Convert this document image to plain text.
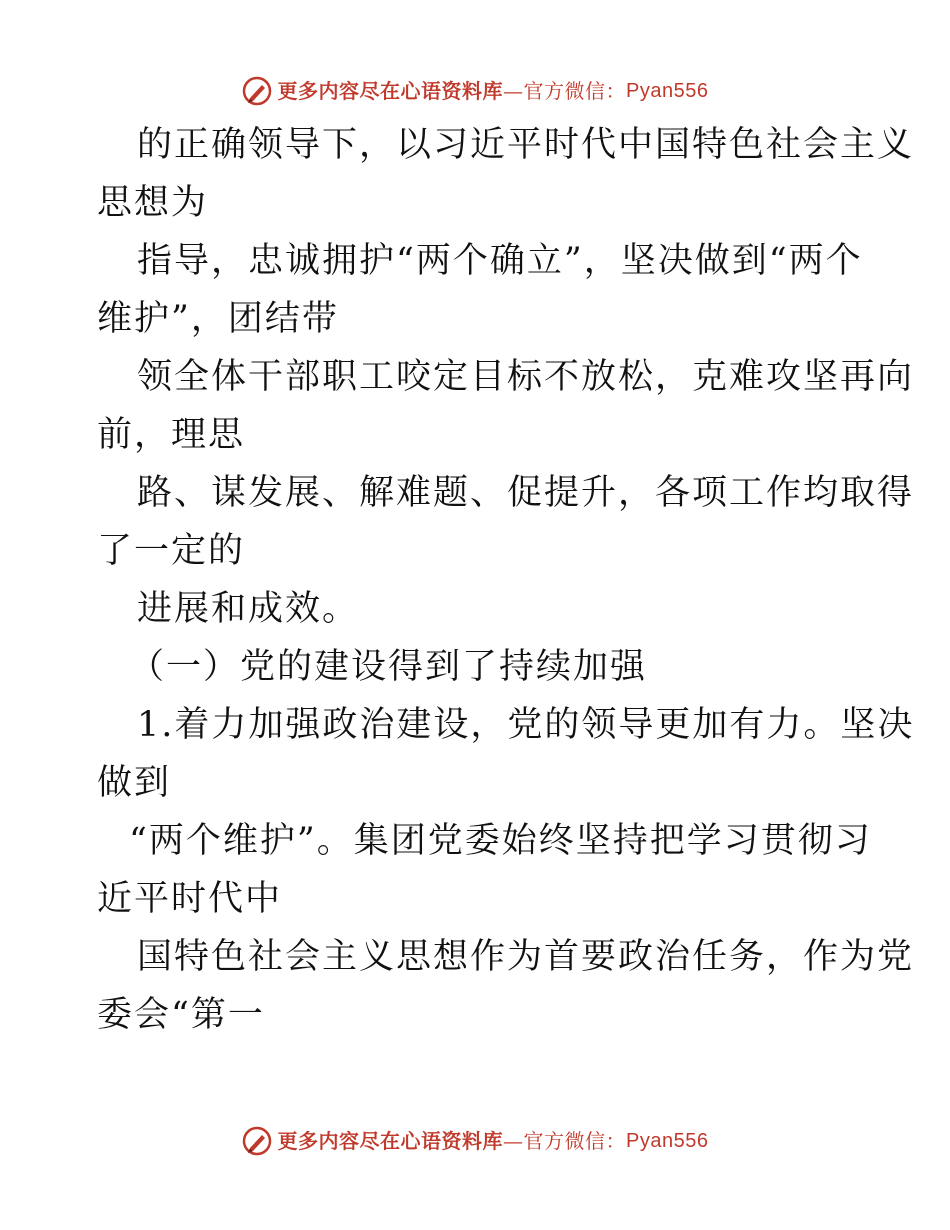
更多内容尽在心语资料库 — 官方微信： Pyan556
的正确领导下，以习近平时代中国特色社会主义
思想为
指导，忠诚拥护“两个确立”，坚决做到“两个
维护”，团结带
领全体干部职工咬定目标不放松，克难攻坚再向
前，理思
路、谋发展、解难题、促提升，各项工作均取得
了一定的
进展和成效。
（一）党的建设得到了持续加强
1.着力加强政治建设，党的领导更加有力。坚决
做到
“两个维护”。集团党委始终坚持把学习贯彻习
近平时代中
国特色社会主义思想作为首要政治任务，作为党
委会“第一
更多内容尽在心语资料库 — 官方微信： Pyan556
